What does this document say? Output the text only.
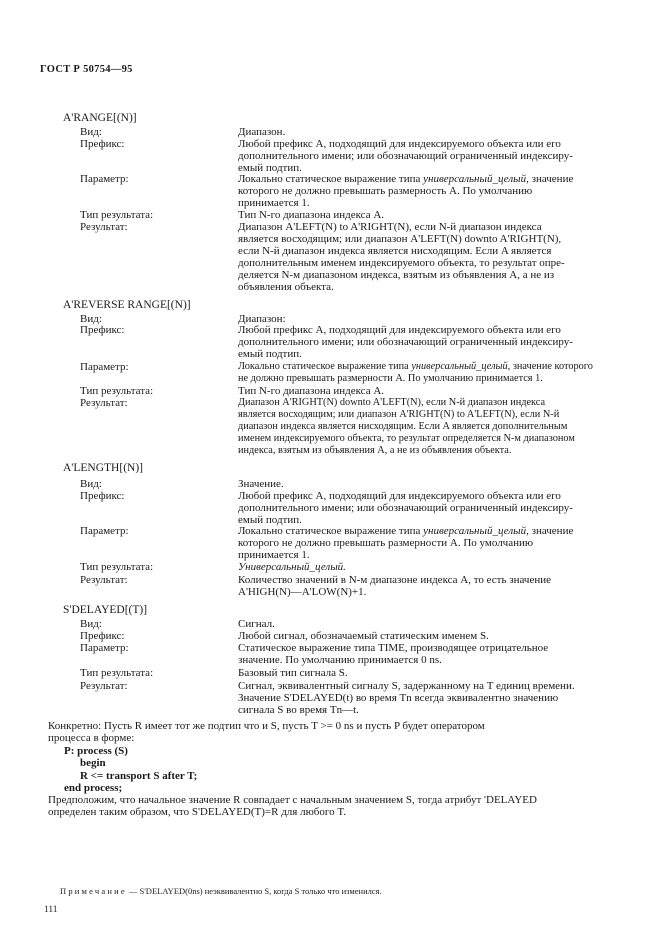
ГОСТ Р 50754—95
A'RANGE[(N)]
Вид:	Диапазон.
Префикс:	Любой префикс A, подходящий для индексируемого объекта или его
дополнительного имени; или обозначающий ограниченный индексиру-
емый подтип.
Параметр:	Локально статическое выражение типа универсальный_целый, значение
которого не должно превышать размерность A. По умолчанию
принимается 1.
Тип результата:	Тип N-го диапазона индекса A.
Результат:	Диапазон A'LEFT(N) to A'RIGHT(N), если N-й диапазон индекса
является восходящим; или диапазон A'LEFT(N) downto A'RIGHT(N),
если N-й диапазон индекса является нисходящим. Если A является
дополнительным именем индексируемого объекта, то результат опре-
деляется N-м диапазоном индекса, взятым из объявления A, а не из
объявления объекта.
A'REVERSE RANGE[(N)]
Вид:	Диапазон:
Префикс:	Любой префикс A, подходящий для индексируемого объекта или его
дополнительного имени; или обозначающий ограниченный индексиру-
емый подтип.
Параметр:	Локально статическое выражение типа универсальный_целый, значение которого
не должно превышать размерности A. По умолчанию принимается 1.
Тип результата:	Тип N-го диапазона индекса A.
Результат:	Диапазон A'RIGHT(N) downto A'LEFT(N), если N-й диапазон индекса
является восходящим; или диапазон A'RIGHT(N) to A'LEFT(N), если N-й
диапазон индекса является нисходящим. Если A является дополнительным
именем индексируемого объекта, то результат определяется N-м диапазоном
индекса, взятым из объявления A, а не из объявления объекта.
A'LENGTH[(N)]
Вид:	Значение.
Префикс:	Любой префикс A, подходящий для индексируемого объекта или его
дополнительного имени; или обозначающий ограниченный индексиру-
емый подтип.
Параметр:	Локально статическое выражение типа универсальный_целый, значение
которого не должно превышать размерности A. По умолчанию
принимается 1.
Тип результата:	Универсальный_целый.
Результат:	Количество значений в N-м диапазоне индекса A, то есть значение
A'HIGH(N)—A'LOW(N)+1.
S'DELAYED[(T)]
Вид:	Сигнал.
Префикс:	Любой сигнал, обозначаемый статическим именем S.
Параметр:	Статическое выражение типа TIME, производящее отрицательное
значение. По умолчанию принимается 0 ns.
Тип результата:	Базовый тип сигнала S.
Результат:	Сигнал, эквивалентный сигналу S, задержанному на T единиц времени.
Значение S'DELAYED(t) во время Tn всегда эквивалентно значению
сигнала S во время Tn—t.
Конкретно: Пусть R имеет тот же подтип что и S, пусть T >= 0 ns и пусть P будет оператором
процесса в форме:
P: process (S)
begin
R <= transport S after T;
end process;
Предположим, что начальное значение R совпадает с начальным значением S, тогда атрибут 'DELAYED
определен таким образом, что S'DELAYED(T)=R для любого T.
Примечание — S'DELAYED(0ns) неэквивалентно S, когда S только что изменился.
111
